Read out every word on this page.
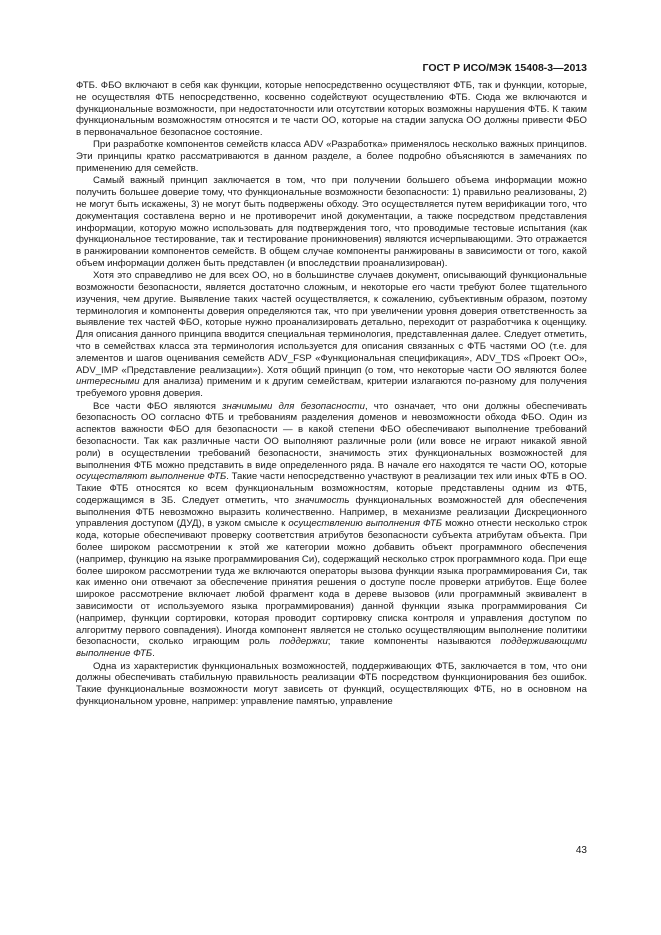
ГОСТ Р ИСО/МЭК 15408-3—2013

ФТБ. ФБО включают в себя как функции, которые непосредственно осуществляют ФТБ, так и функции, которые, не осуществляя ФТБ непосредственно, косвенно содействуют осуществлению ФТБ. Сюда же включаются и функциональные возможности, при недостаточности или отсутствии которых возможны нарушения ФТБ. К таким функциональным возможностям относятся и те части ОО, которые на стадии запуска ОО должны привести ФБО в первоначальное безопасное состояние.

При разработке компонентов семейств класса ADV «Разработка» применялось несколько важных принципов. Эти принципы кратко рассматриваются в данном разделе, а более подробно объясняются в замечаниях по применению для семейств.

Самый важный принцип заключается в том, что при получении большего объема информации можно получить большее доверие тому, что функциональные возможности безопасности: 1) правильно реализованы, 2) не могут быть искажены, 3) не могут быть подвержены обходу. Это осуществляется путем верификации того, что документация составлена верно и не противоречит иной документации, а также посредством представления информации, которую можно использовать для подтверждения того, что проводимые тестовые испытания (как функциональное тестирование, так и тестирование проникновения) являются исчерпывающими. Это отражается в ранжировании компонентов семейств. В общем случае компоненты ранжированы в зависимости от того, какой объем информации должен быть представлен (и впоследствии проанализирован).

Хотя это справедливо не для всех ОО, но в большинстве случаев документ, описывающий функциональные возможности безопасности, является достаточно сложным, и некоторые его части требуют более тщательного изучения, чем другие. Выявление таких частей осуществляется, к сожалению, субъективным образом, поэтому терминология и компоненты доверия определяются так, что при увеличении уровня доверия ответственность за выявление тех частей ФБО, которые нужно проанализировать детально, переходит от разработчика к оценщику. Для описания данного принципа вводится специальная терминология, представленная далее. Следует отметить, что в семействах класса эта терминология используется для описания связанных с ФТБ частями ОО (т.е. для элементов и шагов оценивания семейств ADV_FSP «Функциональная спецификация», ADV_TDS «Проект ОО», ADV_IMP «Представление реализации»). Хотя общий принцип (о том, что некоторые части ОО являются более интересными для анализа) применим и к другим семействам, критерии излагаются по-разному для получения требуемого уровня доверия.

Все части ФБО являются значимыми для безопасности, что означает, что они должны обеспечивать безопасность ОО согласно ФТБ и требованиям разделения доменов и невозможности обхода ФБО. Один из аспектов важности ФБО для безопасности — в какой степени ФБО обеспечивают выполнение требований безопасности. Так как различные части ОО выполняют различные роли (или вовсе не играют никакой явной роли) в осуществлении требований безопасности, значимость этих функциональных возможностей для выполнения ФТБ можно представить в виде определенного ряда. В начале его находятся те части ОО, которые осуществляют выполнение ФТБ. Такие части непосредственно участвуют в реализации тех или иных ФТБ в ОО. Такие ФТБ относятся ко всем функциональным возможностям, которые представлены одним из ФТБ, содержащимся в ЗБ. Следует отметить, что значимость функциональных возможностей для обеспечения выполнения ФТБ невозможно выразить количественно. Например, в механизме реализации Дискреционного управления доступом (ДУД), в узком смысле к осуществлению выполнения ФТБ можно отнести несколько строк кода, которые обеспечивают проверку соответствия атрибутов безопасности субъекта атрибутам объекта. При более широком рассмотрении к этой же категории можно добавить объект программного обеспечения (например, функцию на языке программирования Си), содержащий несколько строк программного кода. При еще более широком рассмотрении туда же включаются операторы вызова функции языка программирования Си, так как именно они отвечают за обеспечение принятия решения о доступе после проверки атрибутов. Еще более широкое рассмотрение включает любой фрагмент кода в дереве вызовов (или программный эквивалент в зависимости от используемого языка программирования) данной функции языка программирования Си (например, функции сортировки, которая проводит сортировку списка контроля и управления доступом по алгоритму первого совпадения). Иногда компонент является не столько осуществляющим выполнение политики безопасности, сколько играющим роль поддержки; такие компоненты называются поддерживающими выполнение ФТБ.

Одна из характеристик функциональных возможностей, поддерживающих ФТБ, заключается в том, что они должны обеспечивать стабильную правильность реализации ФТБ посредством функционирования без ошибок. Такие функциональные возможности могут зависеть от функций, осуществляющих ФТБ, но в основном на функциональном уровне, например: управление памятью, управление

43
